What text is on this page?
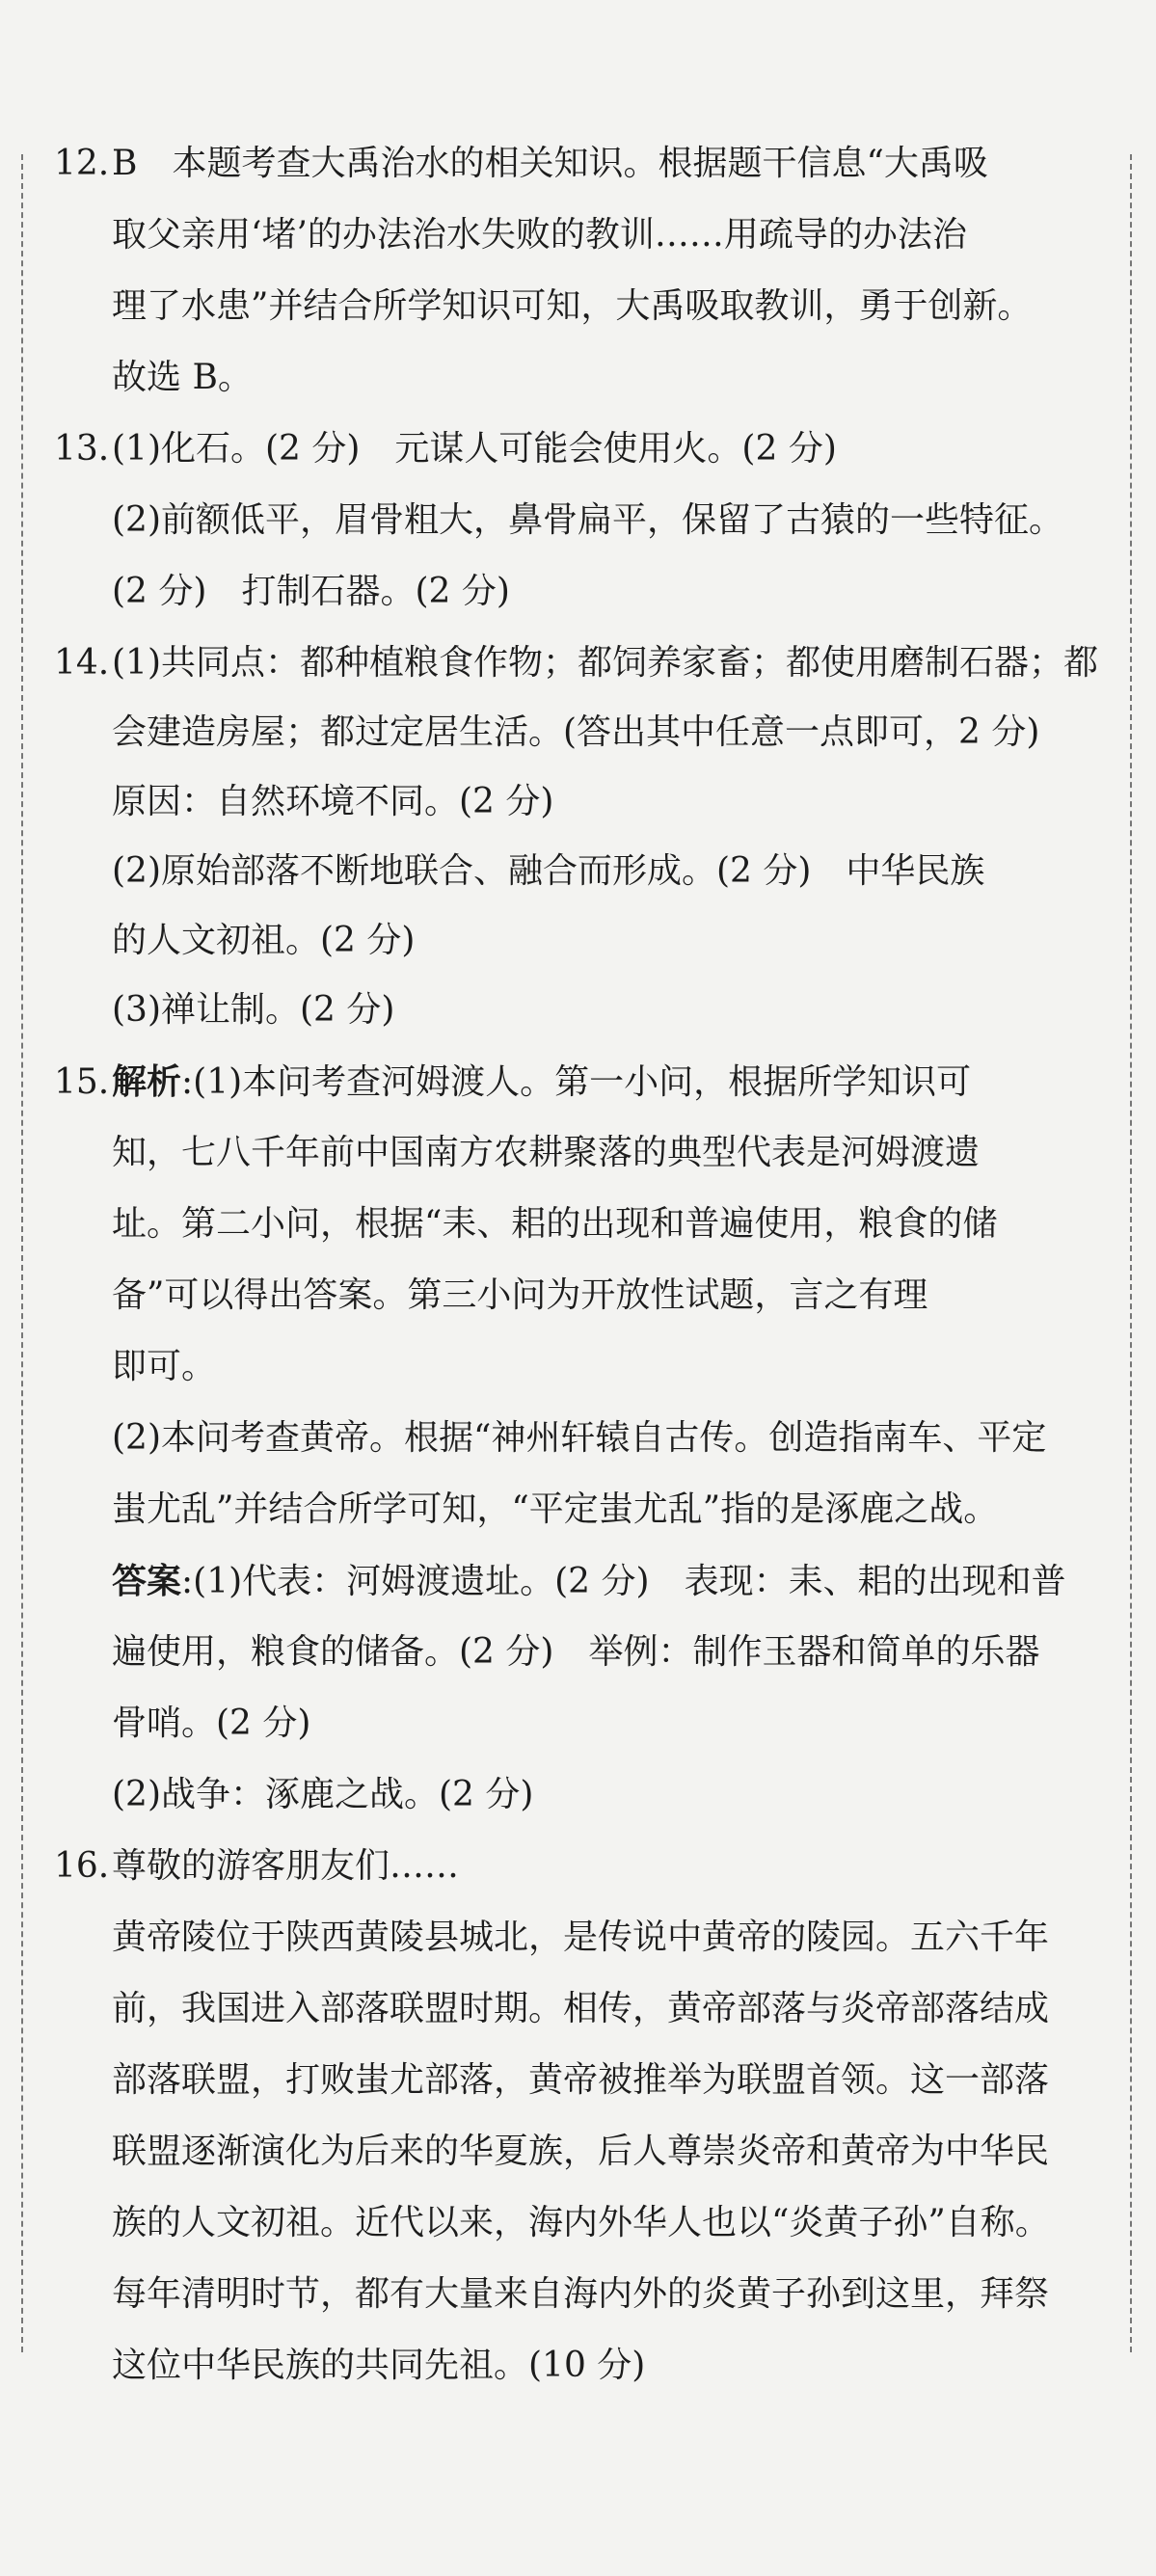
12.B　本题考查大禹治水的相关知识。根据题干信息“大禹吸
取父亲用‘堵’的办法治水失败的教训……用疏导的办法治
理了水患”并结合所学知识可知，大禹吸取教训，勇于创新。
故选 B。
13.(1)化石。(2 分)　元谋人可能会使用火。(2 分)
(2)前额低平，眉骨粗大，鼻骨扁平，保留了古猿的一些特征。
(2 分)　打制石器。(2 分)
14.(1)共同点：都种植粮食作物；都饲养家畜；都使用磨制石器；都
会建造房屋；都过定居生活。(答出其中任意一点即可，2 分)
原因：自然环境不同。(2 分)
(2)原始部落不断地联合、融合而形成。(2 分)　中华民族
的人文初祖。(2 分)
(3)禅让制。(2 分)
15.解析:(1)本问考查河姆渡人。第一小问，根据所学知识可
知，七八千年前中国南方农耕聚落的典型代表是河姆渡遗
址。第二小问，根据“耒、耜的出现和普遍使用，粮食的储
备”可以得出答案。第三小问为开放性试题，言之有理
即可。
(2)本问考查黄帝。根据“神州轩辕自古传。创造指南车、平定
蚩尤乱”并结合所学可知，“平定蚩尤乱”指的是涿鹿之战。
答案:(1)代表：河姆渡遗址。(2 分)　表现：耒、耜的出现和普
遍使用，粮食的储备。(2 分)　举例：制作玉器和简单的乐器
骨哨。(2 分)
(2)战争：涿鹿之战。(2 分)
16.尊敬的游客朋友们……
黄帝陵位于陕西黄陵县城北，是传说中黄帝的陵园。五六千年
前，我国进入部落联盟时期。相传，黄帝部落与炎帝部落结成
部落联盟，打败蚩尤部落，黄帝被推举为联盟首领。这一部落
联盟逐渐演化为后来的华夏族，后人尊崇炎帝和黄帝为中华民
族的人文初祖。近代以来，海内外华人也以“炎黄子孙”自称。
每年清明时节，都有大量来自海内外的炎黄子孙到这里，拜祭
这位中华民族的共同先祖。(10 分)
